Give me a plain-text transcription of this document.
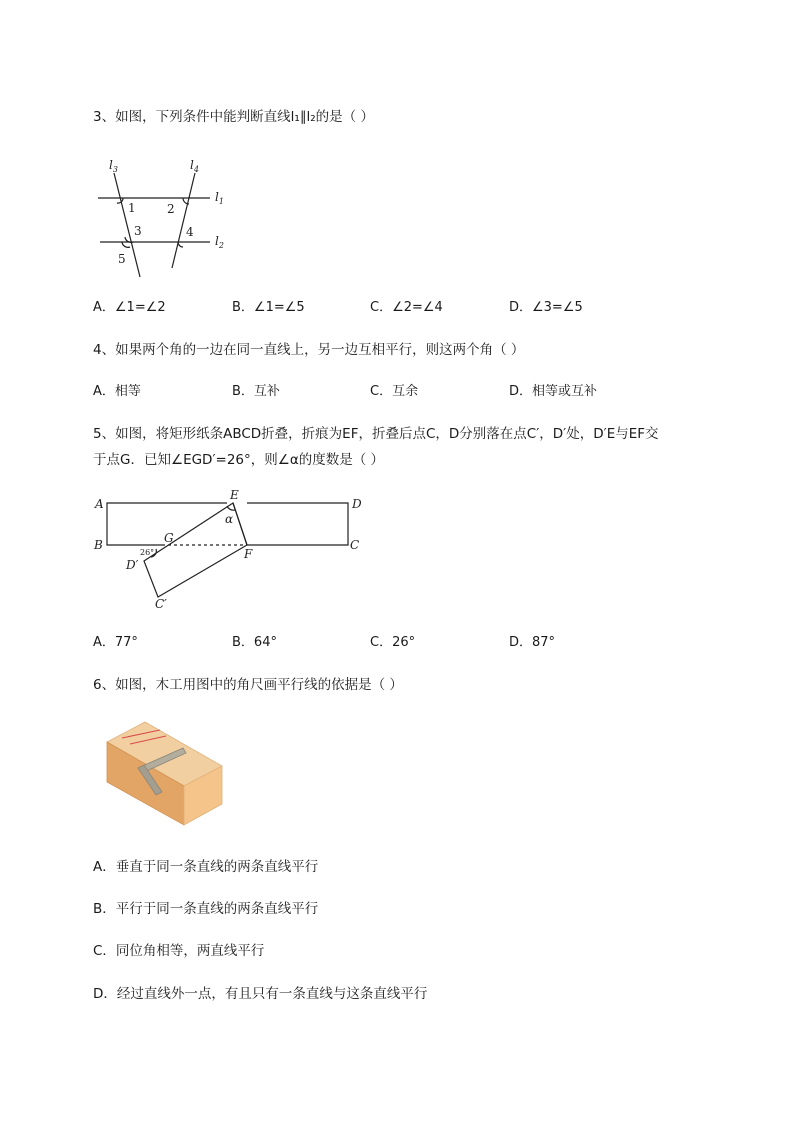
3、如图，下列条件中能判断直线l₁∥l₂的是（ ）
$l_3$	$l_4$
$l_1$
$l_2$
1	2
3	4
5
A．∠1=∠2	B．∠1=∠5	C．∠2=∠4	D．∠3=∠5
4、如果两个角的一边在同一直线上，另一边互相平行，则这两个角（ ）
A．相等	B．互补	C．互余	D．相等或互补
5、如图，将矩形纸条ABCD折叠，折痕为EF，折叠后点C，D分别落在点C′，D′处，D′E与EF交
于点G．已知∠EGD′=26°，则∠α的度数是（ ）
A
B	C
D
E
F
G
D′
C′
α
26°
A．77°	B．64°	C．26°	D．87°
6、如图，木工用图中的角尺画平行线的依据是（ ）
A．垂直于同一条直线的两条直线平行
B．平行于同一条直线的两条直线平行
C．同位角相等，两直线平行
D．经过直线外一点，有且只有一条直线与这条直线平行
